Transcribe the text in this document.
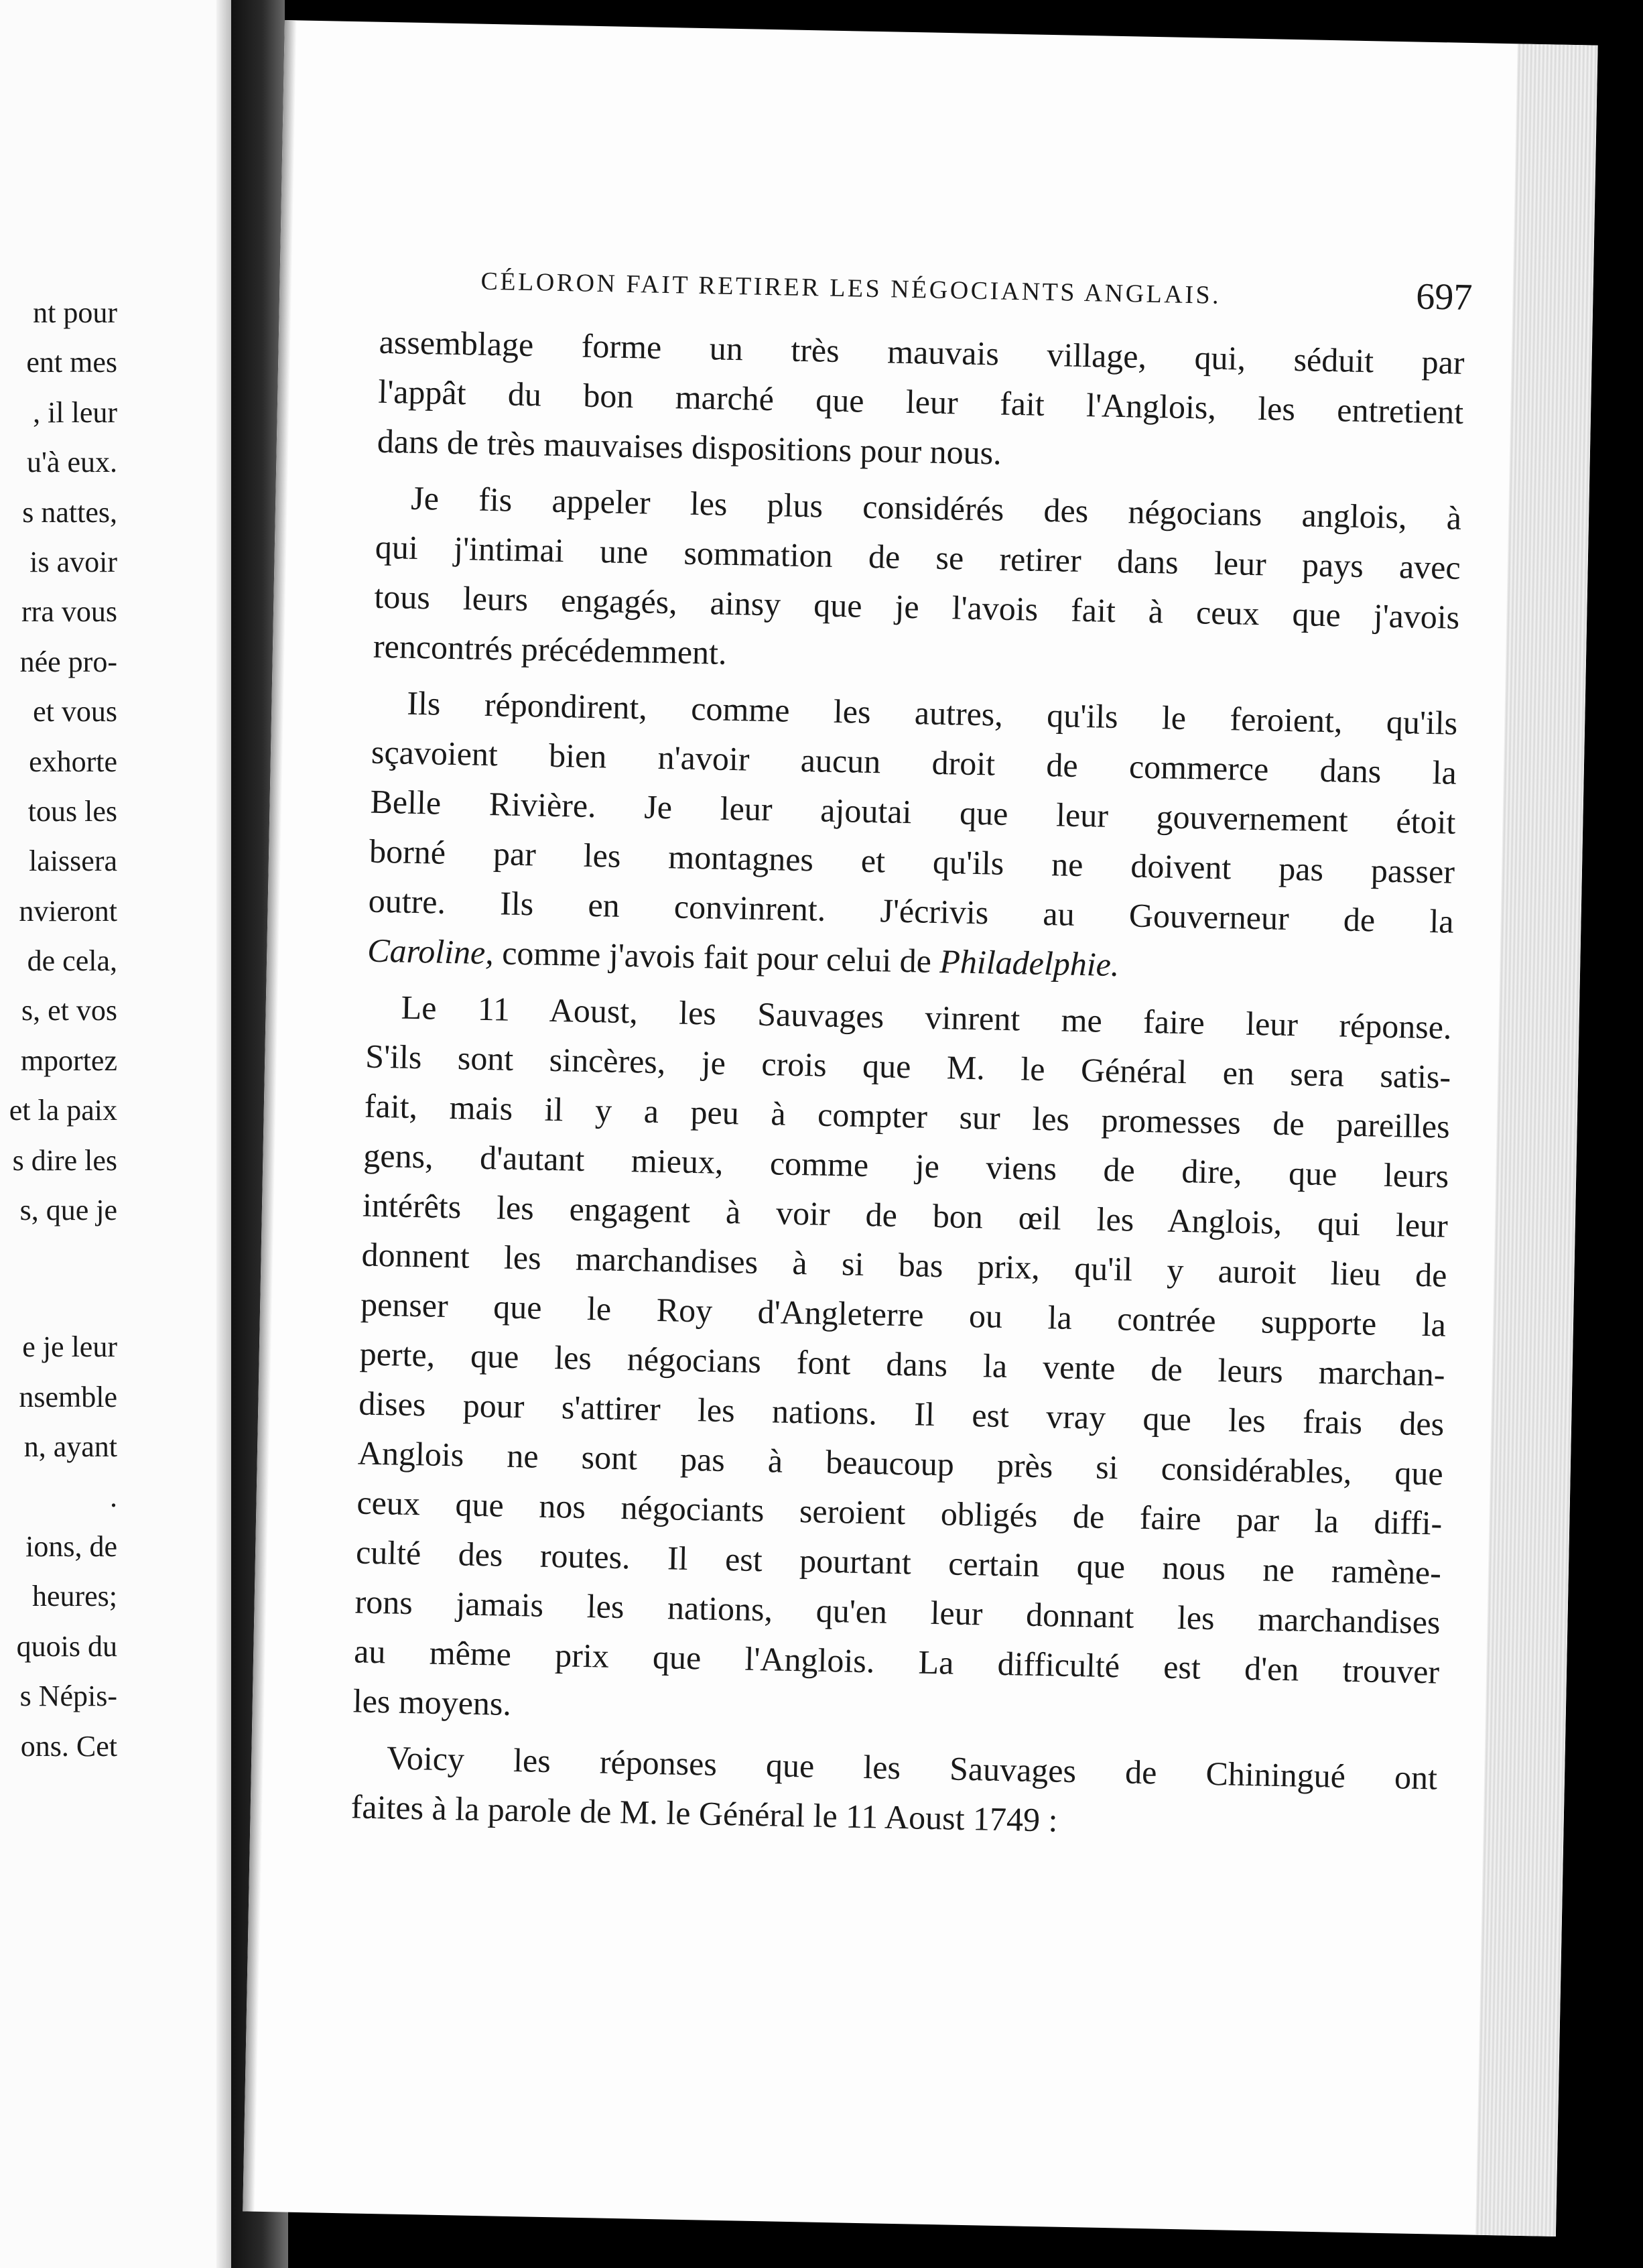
nt pour
ent mes
, il leur
u'à eux.
s nattes,
is avoir
rra vous
née pro-
et vous
exhorte
tous les
laissera
nvieront
de cela,
s, et vos
mportez
et la paix
s dire les
s, que je
e je leur
nsemble
n, ayant
.
ions, de
heures;
quois du
s Népis-
ons. Cet
CÉLORON FAIT RETIRER LES NÉGOCIANTS ANGLAIS.	697
assemblage forme un très mauvais village, qui, séduit par
l'appât du bon marché que leur fait l'Anglois, les entretient
dans de très mauvaises dispositions pour nous.
Je fis appeler les plus considérés des négocians anglois, à
qui j'intimai une sommation de se retirer dans leur pays avec
tous leurs engagés, ainsy que je l'avois fait à ceux que j'avois
rencontrés précédemment.
Ils répondirent, comme les autres, qu'ils le feroient, qu'ils
sçavoient bien n'avoir aucun droit de commerce dans la
Belle Rivière. Je leur ajoutai que leur gouvernement étoit
borné par les montagnes et qu'ils ne doivent pas passer
outre. Ils en convinrent. J'écrivis au Gouverneur de la
Caroline, comme j'avois fait pour celui de Philadelphie.
Le 11 Aoust, les Sauvages vinrent me faire leur réponse.
S'ils sont sincères, je crois que M. le Général en sera satis-
fait, mais il y a peu à compter sur les promesses de pareilles
gens, d'autant mieux, comme je viens de dire, que leurs
intérêts les engagent à voir de bon œil les Anglois, qui leur
donnent les marchandises à si bas prix, qu'il y auroit lieu de
penser que le Roy d'Angleterre ou la contrée supporte la
perte, que les négocians font dans la vente de leurs marchan-
dises pour s'attirer les nations. Il est vray que les frais des
Anglois ne sont pas à beaucoup près si considérables, que
ceux que nos négociants seroient obligés de faire par la diffi-
culté des routes. Il est pourtant certain que nous ne ramène-
rons jamais les nations, qu'en leur donnant les marchandises
au même prix que l'Anglois. La difficulté est d'en trouver
les moyens.
Voicy les réponses que les Sauvages de Chiningué ont
faites à la parole de M. le Général le 11 Aoust 1749 :
